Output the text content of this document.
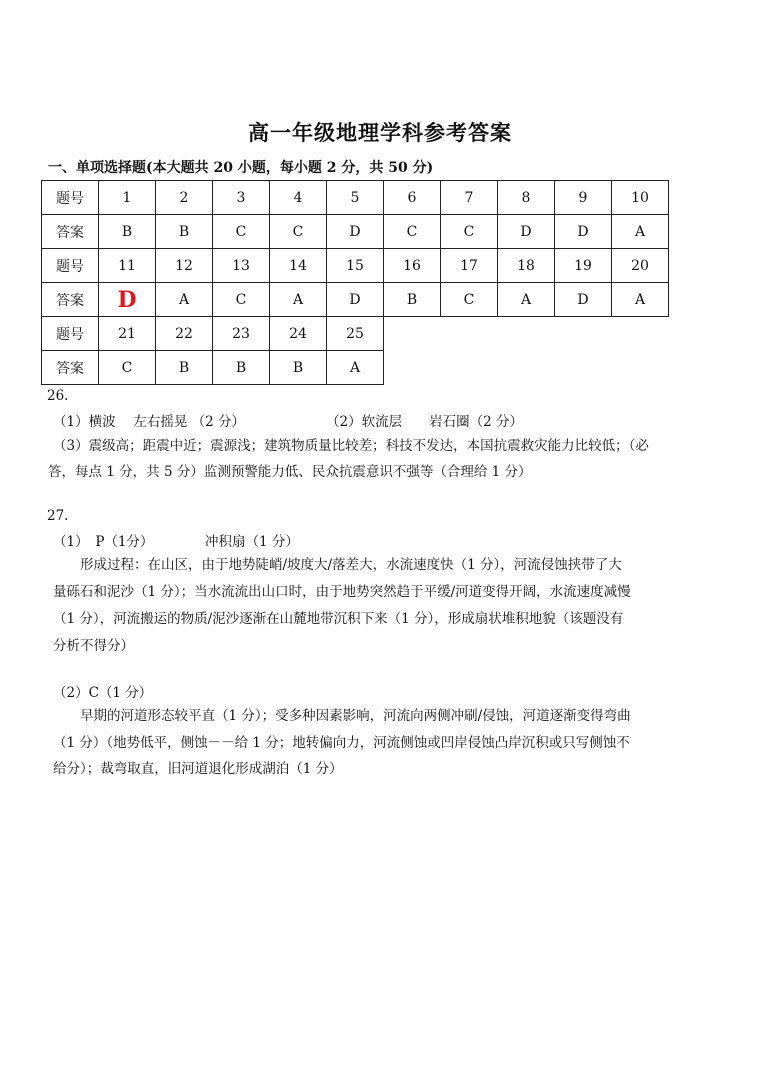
高一年级地理学科参考答案
一、单项选择题(本大题共 20 小题，每小题 2 分，共 50 分)
题号	1	2	3	4	5	6	7	8	9	10
答案	B	B	C	C	D	C	C	D	D	A
题号	11	12	13	14	15	16	17	18	19	20
答案	D	A	C	A	D	B	C	A	D	A
题号	21	22	23	24	25					
答案	C	B	B	B	A					
26.
（1）横波　 左右摇晃 （2 分）	（2）软流层　　岩石圈（2 分）
（3）震级高；距震中近；震源浅；建筑物质量比较差；科技不发达，本国抗震救灾能力比较低；（必
答，每点 1 分，共 5 分）监测预警能力低、民众抗震意识不强等（合理给 1 分）
27.
（1）　P（1分）	冲积扇（1 分）
形成过程：在山区，由于地势陡峭/坡度大/落差大，水流速度快（1 分），河流侵蚀挟带了大
量砾石和泥沙（1 分）；当水流流出山口时，由于地势突然趋于平缓/河道变得开阔，水流速度减慢
（1 分），河流搬运的物质/泥沙逐渐在山麓地带沉积下来（1 分），形成扇状堆积地貌（该题没有
分析不得分）
（2）C（1 分）
早期的河道形态较平直（1 分）；受多种因素影响，河流向两侧冲刷/侵蚀，河道逐渐变得弯曲
（1 分）（地势低平，侧蚀－－给 1 分；地转偏向力，河流侧蚀或凹岸侵蚀凸岸沉积或只写侧蚀不
给分）；裁弯取直，旧河道退化形成湖泊（1 分）
